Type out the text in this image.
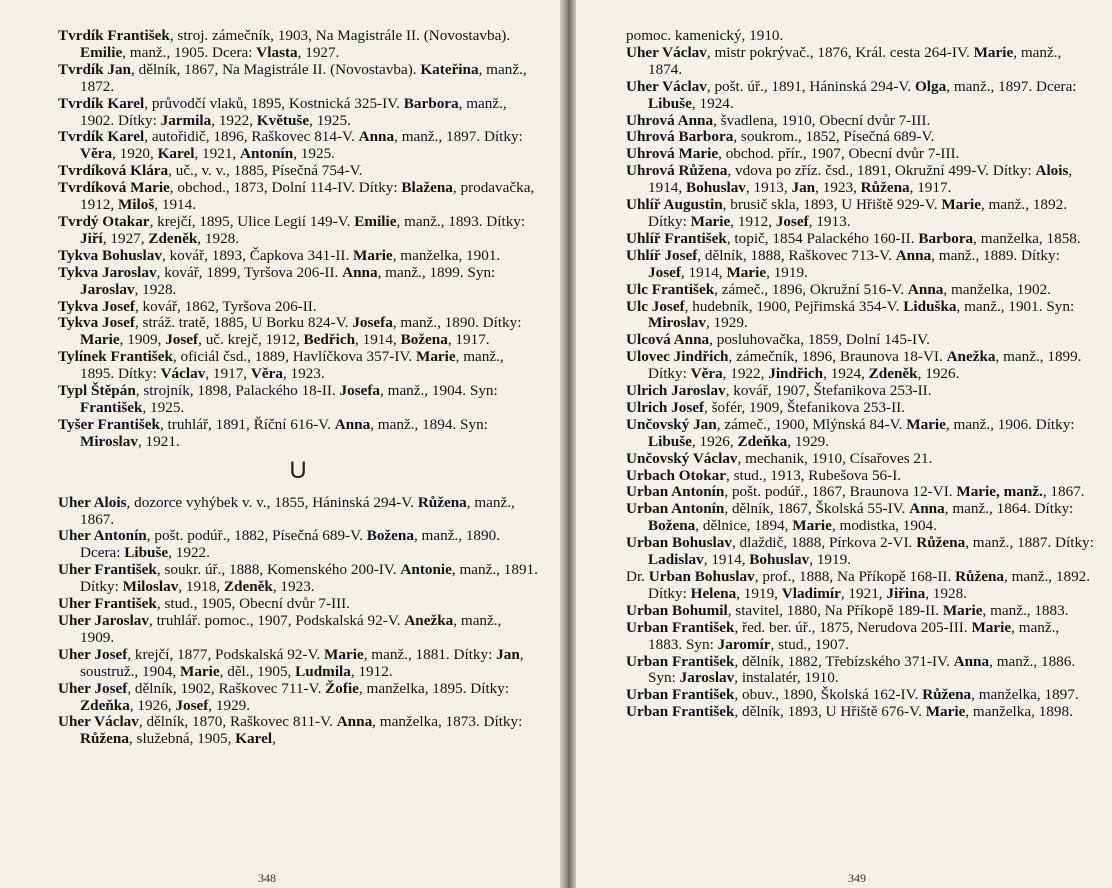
Tvrdík František, stroj. zámečník, 1903, Na Magistrále II. (Novostavba). Emilie, manž., 1905. Dcera: Vlasta, 1927.

Tvrdík Jan, dělník, 1867, Na Magistrále II. (Novostavba). Kateřina, manž., 1872.

Tvrdík Karel, průvodčí vlaků, 1895, Kostnická 325-IV. Barbora, manž., 1902. Dítky: Jarmila, 1922, Květuše, 1925.

Tvrdík Karel, autořidič, 1896, Raškovec 814-V. Anna, manž., 1897. Dítky: Věra, 1920, Karel, 1921, Antonín, 1925.

Tvrdíková Klára, uč., v. v., 1885, Písečná 754-V.

Tvrdíková Marie, obchod., 1873, Dolní 114-IV. Dítky: Blažena, prodavačka, 1912, Miloš, 1914.

Tvrdý Otakar, krejčí, 1895, Ulice Legií 149-V. Emilie, manž., 1893. Dítky: Jiří, 1927, Zdeněk, 1928.

Tykva Bohuslav, kovář, 1893, Čapkova 341-II. Marie, manželka, 1901.

Tykva Jaroslav, kovář, 1899, Tyršova 206-II. Anna, manž., 1899. Syn: Jaroslav, 1928.

Tykva Josef, kovář, 1862, Tyršova 206-II.

Tykva Josef, stráž. tratě, 1885, U Borku 824-V. Josefa, manž., 1890. Dítky: Marie, 1909, Josef, uč. krejč, 1912, Bedřich, 1914, Božena, 1917.

Tylínek František, oficiál čsd., 1889, Havlíčkova 357-IV. Marie, manž., 1895. Dítky: Václav, 1917, Věra, 1923.

Typl Štěpán, strojník, 1898, Palackého 18-II. Josefa, manž., 1904. Syn: František, 1925.

Tyšer František, truhlář, 1891, Říční 616-V. Anna, manž., 1894. Syn: Miroslav, 1921.

U

Uher Alois, dozorce vyhýbek v. v., 1855, Háninská 294-V. Růžena, manž., 1867.

Uher Antonín, pošt. podúř., 1882, Písečná 689-V. Božena, manž., 1890. Dcera: Libuše, 1922.

Uher František, soukr. úř., 1888, Komenského 200-IV. Antonie, manž., 1891. Dítky: Miloslav, 1918, Zdeněk, 1923.

Uher František, stud., 1905, Obecní dvůr 7-III.

Uher Jaroslav, truhlář. pomoc., 1907, Podskalská 92-V. Anežka, manž., 1909.

Uher Josef, krejčí, 1877, Podskalská 92-V. Marie, manž., 1881. Dítky: Jan, soustruž., 1904, Marie, děl., 1905, Ludmila, 1912.

Uher Josef, dělník, 1902, Raškovec 711-V. Žofie, manželka, 1895. Dítky: Zdeňka, 1926, Josef, 1929.

Uher Václav, dělník, 1870, Raškovec 811-V. Anna, manželka, 1873. Dítky: Růžena, služebná, 1905, Karel,

348

pomoc. kamenický, 1910.

Uher Václav, mistr pokrývač., 1876, Král. cesta 264-IV. Marie, manž., 1874.

Uher Václav, pošt. úř., 1891, Háninská 294-V. Olga, manž., 1897. Dcera: Libuše, 1924.

Uhrová Anna, švadlena, 1910, Obecní dvůr 7-III.

Uhrová Barbora, soukrom., 1852, Písečná 689-V.

Uhrová Marie, obchod. přír., 1907, Obecní dvůr 7-III.

Uhrová Růžena, vdova po zříz. čsd., 1891, Okružní 499-V. Dítky: Alois, 1914, Bohuslav, 1913, Jan, 1923, Růžena, 1917.

Uhlíř Augustin, brusič skla, 1893, U Hřiště 929-V. Marie, manž., 1892. Dítky: Marie, 1912, Josef, 1913.

Uhlíř František, topič, 1854 Palackého 160-II. Barbora, manželka, 1858.

Uhlíř Josef, dělník, 1888, Raškovec 713-V. Anna, manž., 1889. Dítky: Josef, 1914, Marie, 1919.

Ulc František, zámeč., 1896, Okružní 516-V. Anna, manželka, 1902.

Ulc Josef, hudebník, 1900, Pejřimská 354-V. Liduška, manž., 1901. Syn: Miroslav, 1929.

Ulcová Anna, posluhovačka, 1859, Dolní 145-IV.

Ulovec Jindřich, zámečník, 1896, Braunova 18-VI. Anežka, manž., 1899. Dítky: Věra, 1922, Jindřich, 1924, Zdeněk, 1926.

Ulrich Jaroslav, kovář, 1907, Štefanikova 253-II.

Ulrich Josef, šofér, 1909, Štefanikova 253-II.

Unčovský Jan, zámeč., 1900, Mlýnská 84-V. Marie, manž., 1906. Dítky: Libuše, 1926, Zdeňka, 1929.

Unčovský Václav, mechanik, 1910, Císařoves 21.

Urbach Otokar, stud., 1913, Rubešova 56-I.

Urban Antonín, pošt. podúř., 1867, Braunova 12-VI. Marie, manž., 1867.

Urban Antonín, dělník, 1867, Školská 55-IV. Anna, manž., 1864. Dítky: Božena, dělnice, 1894, Marie, modistka, 1904.

Urban Bohuslav, dlaždič, 1888, Pírkova 2-VI. Růžena, manž., 1887. Dítky: Ladislav, 1914, Bohuslav, 1919.

Dr. Urban Bohuslav, prof., 1888, Na Příkopě 168-II. Růžena, manž., 1892. Dítky: Helena, 1919, Vladimír, 1921, Jiřina, 1928.

Urban Bohumil, stavitel, 1880, Na Příkopě 189-II. Marie, manž., 1883.

Urban František, řed. ber. úř., 1875, Nerudova 205-III. Marie, manž., 1883. Syn: Jaromír, stud., 1907.

Urban František, dělník, 1882, Třebízského 371-IV. Anna, manž., 1886. Syn: Jaroslav, instalatér, 1910.

Urban František, obuv., 1890, Školská 162-IV. Růžena, manželka, 1897.

Urban František, dělník, 1893, U Hřiště 676-V. Marie, manželka, 1898.

349
